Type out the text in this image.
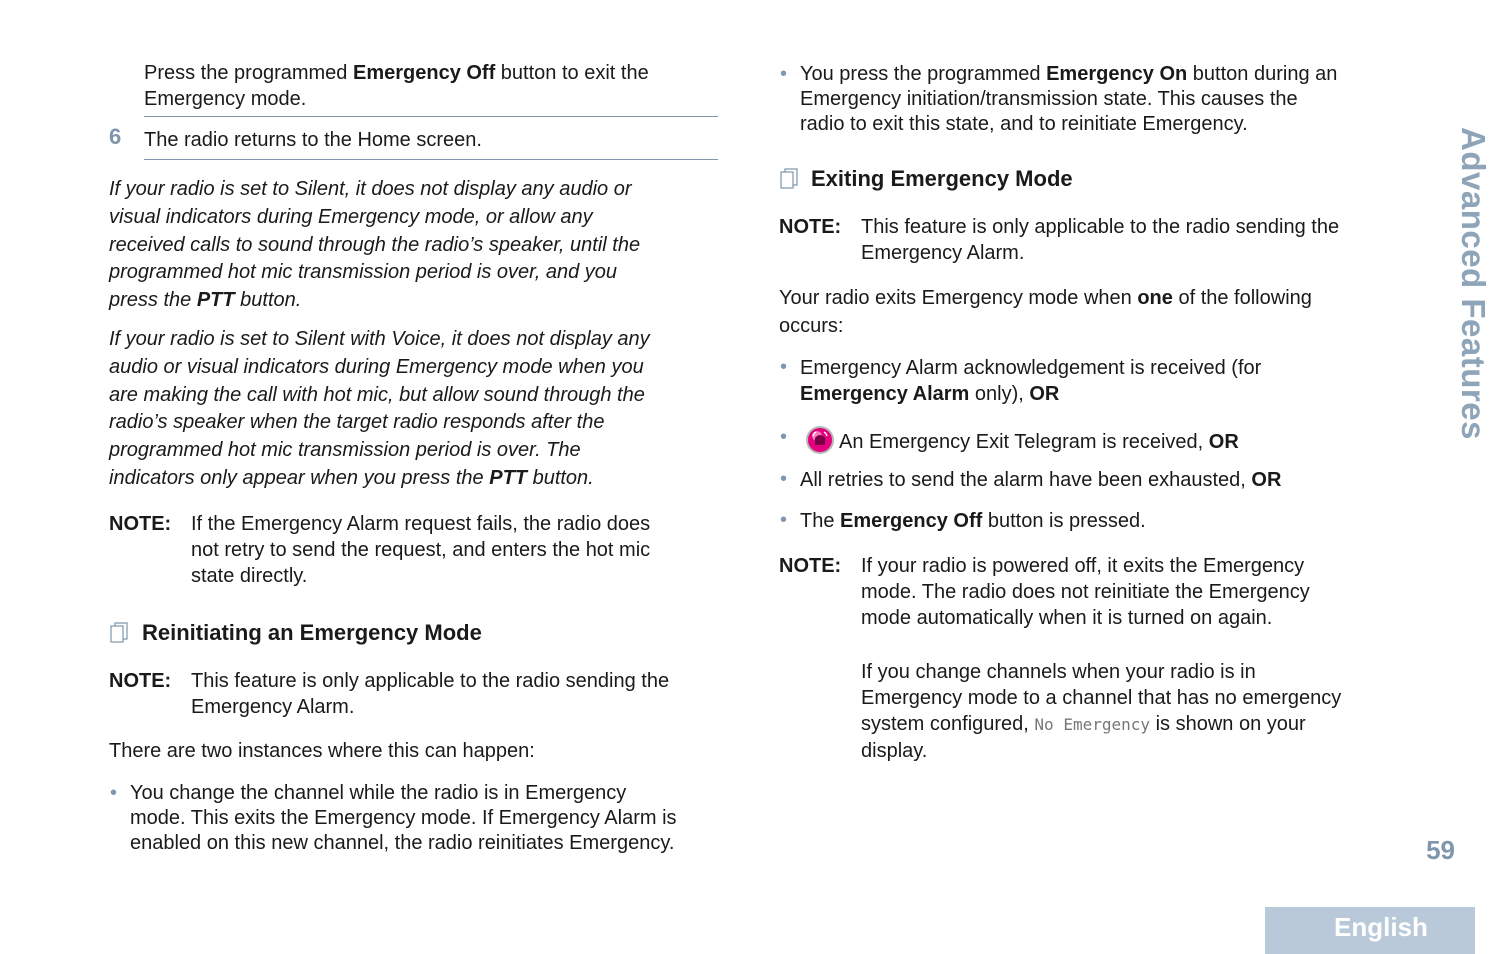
Press the programmed Emergency Off button to exit the
Emergency mode.
6 The radio returns to the Home screen.
If your radio is set to Silent, it does not display any audio or
visual indicators during Emergency mode, or allow any
received calls to sound through the radio’s speaker, until the
programmed hot mic transmission period is over, and you
press the PTT button.
If your radio is set to Silent with Voice, it does not display any
audio or visual indicators during Emergency mode when you
are making the call with hot mic, but allow sound through the
radio’s speaker when the target radio responds after the
programmed hot mic transmission period is over. The
indicators only appear when you press the PTT button.
NOTE: If the Emergency Alarm request fails, the radio does
not retry to send the request, and enters the hot mic
state directly.
Reinitiating an Emergency Mode
NOTE: This feature is only applicable to the radio sending the
Emergency Alarm.
There are two instances where this can happen:
• You change the channel while the radio is in Emergency
mode. This exits the Emergency mode. If Emergency Alarm is
enabled on this new channel, the radio reinitiates Emergency.
• You press the programmed Emergency On button during an
Emergency initiation/transmission state. This causes the
radio to exit this state, and to reinitiate Emergency.
Exiting Emergency Mode
NOTE: This feature is only applicable to the radio sending the
Emergency Alarm.
Your radio exits Emergency mode when one of the following
occurs:
• Emergency Alarm acknowledgement is received (for
Emergency Alarm only), OR
•	An Emergency Exit Telegram is received, OR
• All retries to send the alarm have been exhausted, OR
• The Emergency Off button is pressed.
NOTE: If your radio is powered off, it exits the Emergency
mode. The radio does not reinitiate the Emergency
mode automatically when it is turned on again.
If you change channels when your radio is in
Emergency mode to a channel that has no emergency
system configured, No Emergency is shown on your
display.
Advanced Features
59
English
